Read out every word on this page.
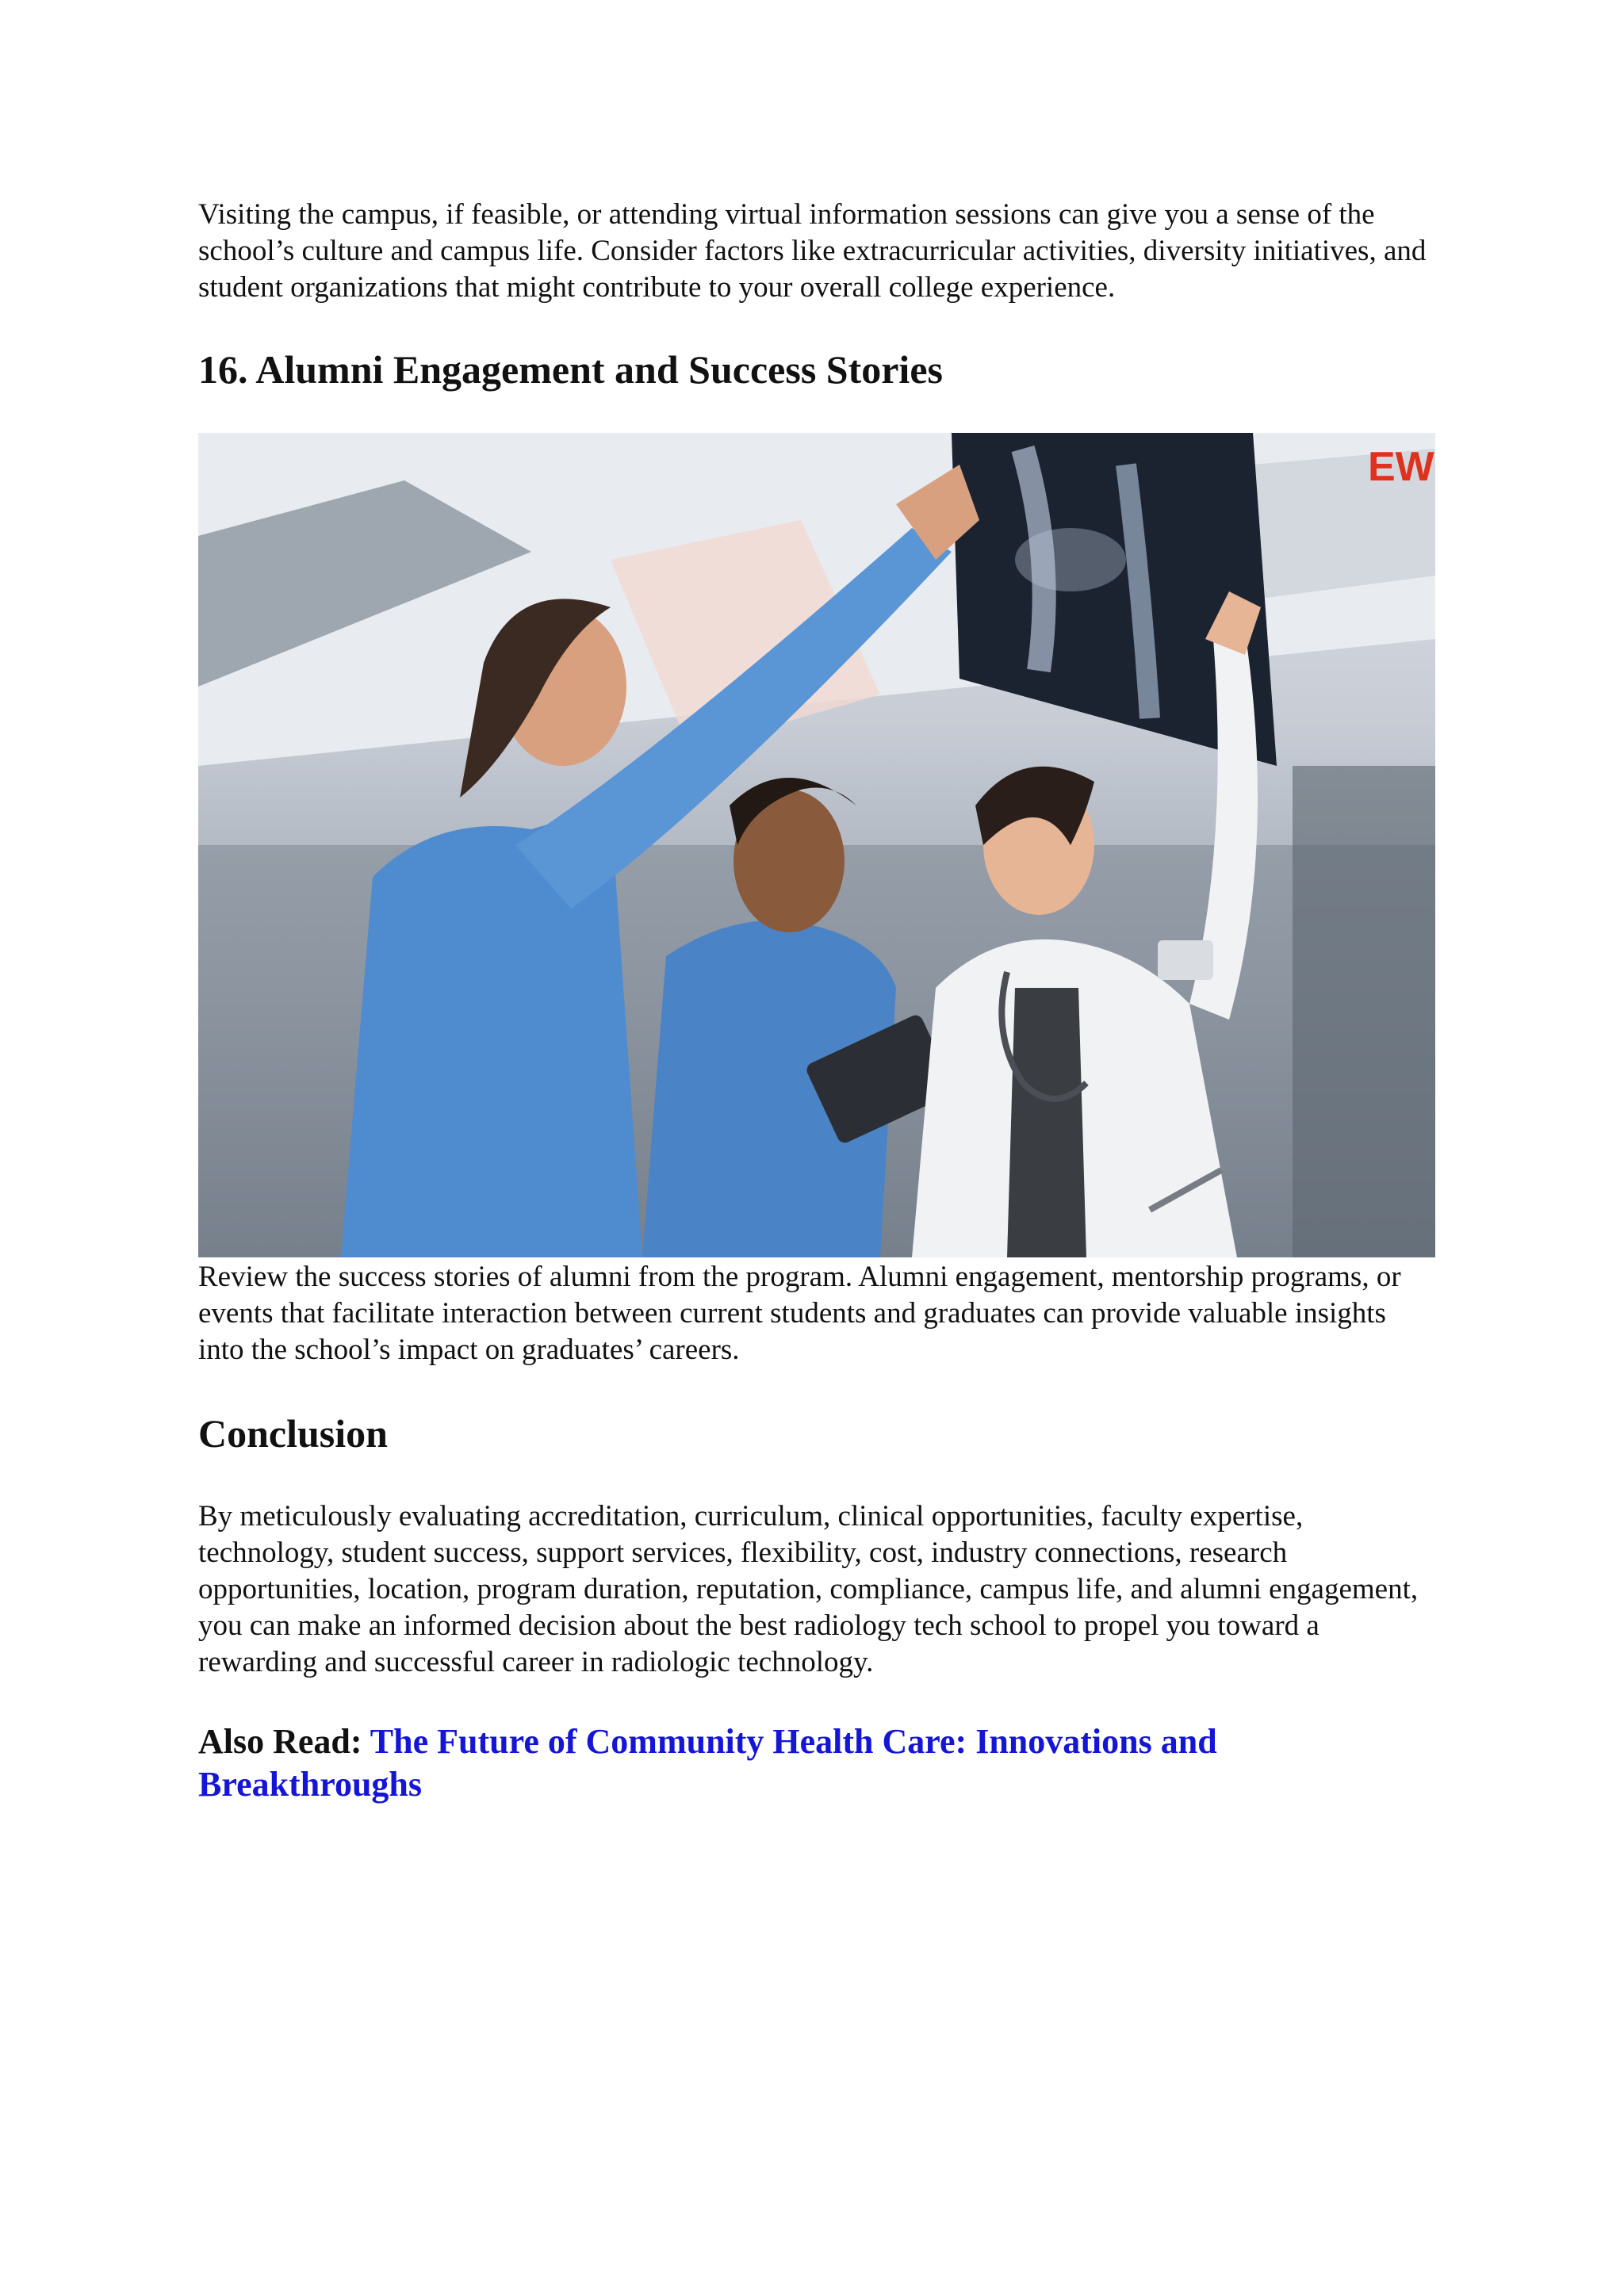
Visiting the campus, if feasible, or attending virtual information sessions can give you a sense of the school’s culture and campus life. Consider factors like extracurricular activities, diversity initiatives, and student organizations that might contribute to your overall college experience.

16. Alumni Engagement and Success Stories
EW

Review the success stories of alumni from the program. Alumni engagement, mentorship programs, or events that facilitate interaction between current students and graduates can provide valuable insights into the school’s impact on graduates’ careers.

Conclusion

By meticulously evaluating accreditation, curriculum, clinical opportunities, faculty expertise, technology, student success, support services, flexibility, cost, industry connections, research opportunities, location, program duration, reputation, compliance, campus life, and alumni engagement, you can make an informed decision about the best radiology tech school to propel you toward a rewarding and successful career in radiologic technology.

Also Read: The Future of Community Health Care: Innovations and Breakthroughs
